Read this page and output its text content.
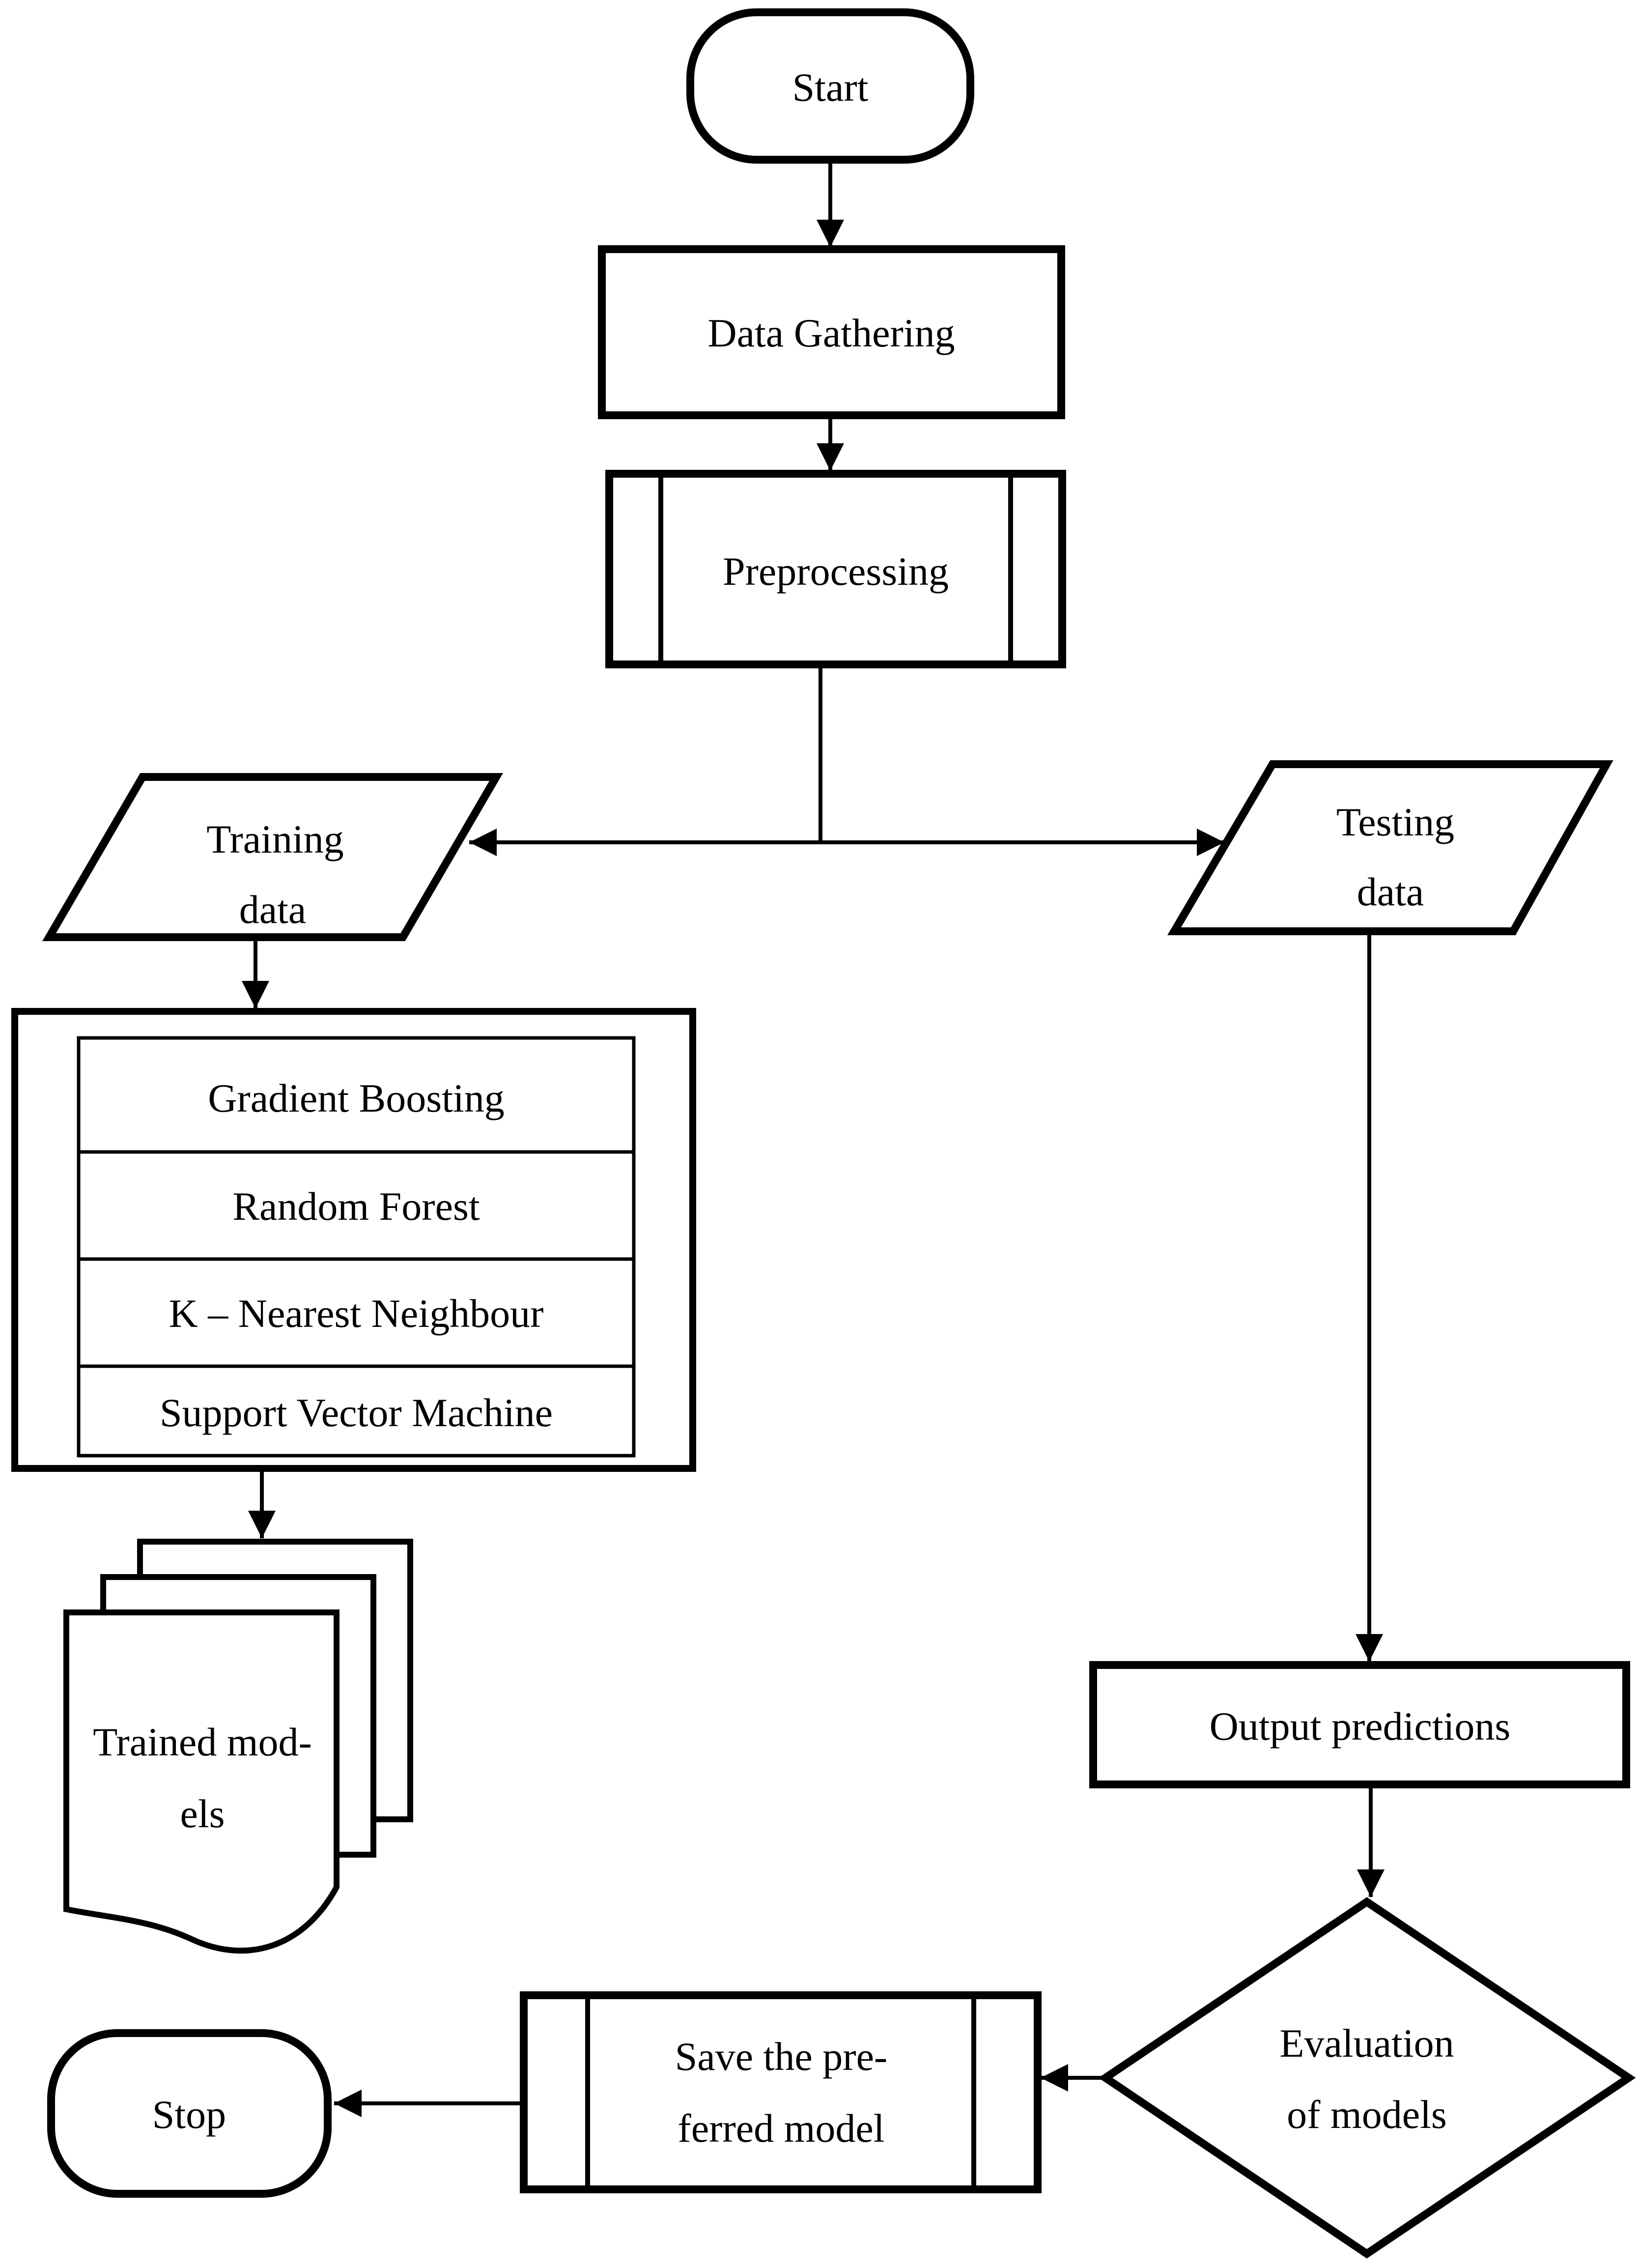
Start
Data Gathering
Preprocessing
Training
data
Gradient Boosting
Random Forest
K – Nearest Neighbour
Support Vector Machine
Trained mod-
els
Testing
data
Output predictions
Evaluation
of models
Save the pre-
ferred model
Stop
